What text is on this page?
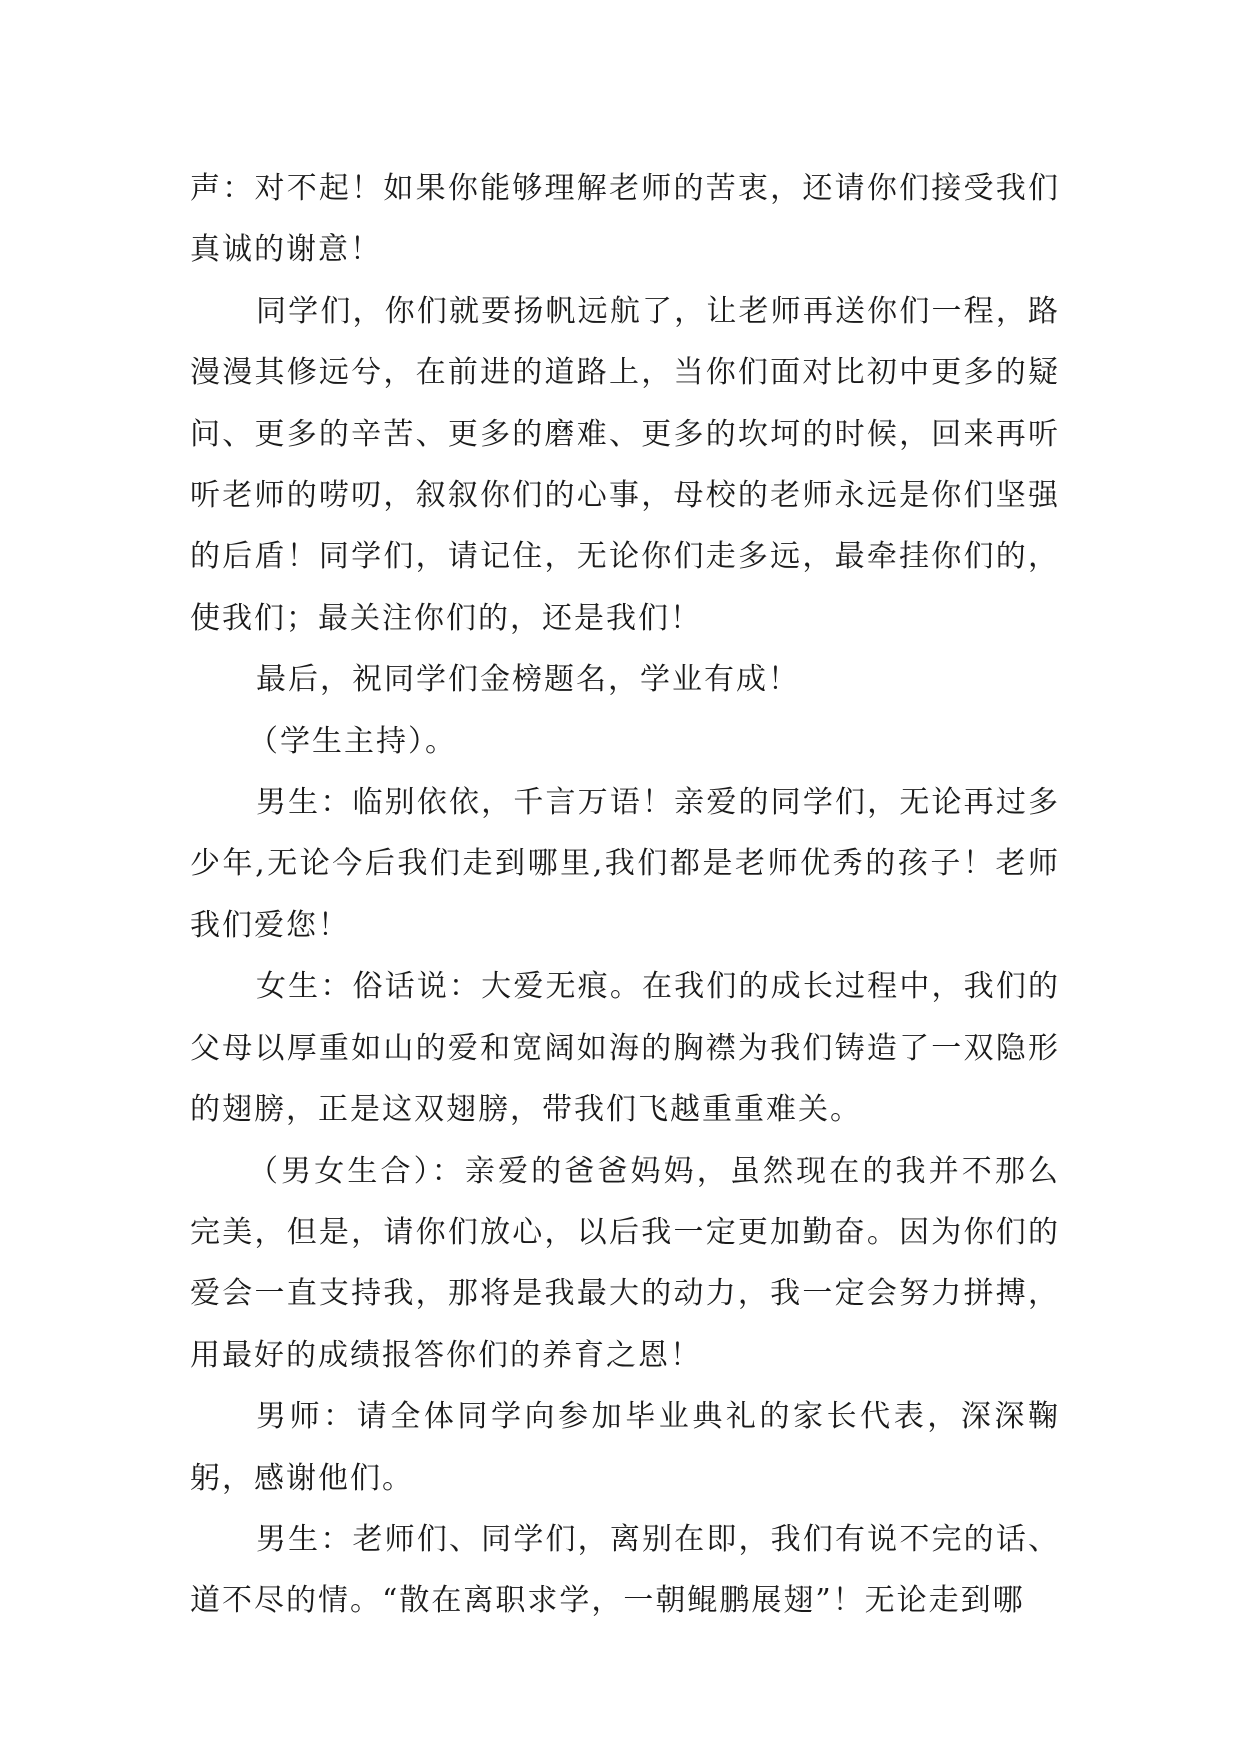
声：对不起！如果你能够理解老师的苦衷，还请你们接受我们真诚的谢意！

同学们，你们就要扬帆远航了，让老师再送你们一程，路漫漫其修远兮，在前进的道路上，当你们面对比初中更多的疑问、更多的辛苦、更多的磨难、更多的坎坷的时候，回来再听听老师的唠叨，叙叙你们的心事，母校的老师永远是你们坚强的后盾！同学们，请记住，无论你们走多远，最牵挂你们的，使我们；最关注你们的，还是我们！

最后，祝同学们金榜题名，学业有成！

（学生主持）。

男生：临别依依，千言万语！亲爱的同学们，无论再过多少年,无论今后我们走到哪里,我们都是老师优秀的孩子！老师我们爱您！

女生：俗话说：大爱无痕。在我们的成长过程中，我们的父母以厚重如山的爱和宽阔如海的胸襟为我们铸造了一双隐形的翅膀，正是这双翅膀，带我们飞越重重难关。

（男女生合）：亲爱的爸爸妈妈，虽然现在的我并不那么完美，但是，请你们放心，以后我一定更加勤奋。因为你们的爱会一直支持我，那将是我最大的动力，我一定会努力拼搏，用最好的成绩报答你们的养育之恩！

男师：请全体同学向参加毕业典礼的家长代表，深深鞠躬，感谢他们。

男生：老师们、同学们，离别在即，我们有说不完的话、道不尽的情。“散在离职求学，一朝鲲鹏展翅”！无论走到哪
